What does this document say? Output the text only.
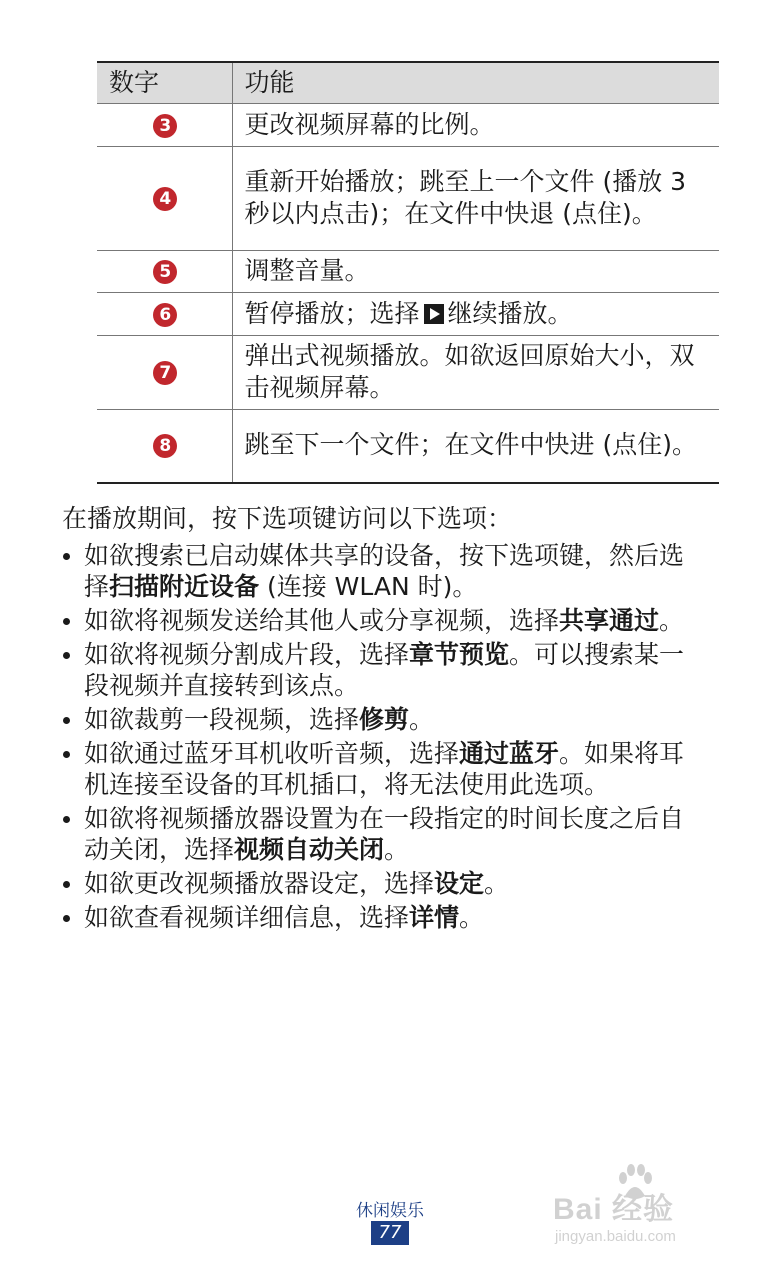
数字	功能
3	更改视频屏幕的比例。
4	重新开始播放；跳至上一个文件 (播放 3 秒以内点击)；在文件中快退 (点住)。
5	调整音量。
6	暂停播放；选择 继续播放。
7	弹出式视频播放。如欲返回原始大小，双击视频屏幕。
8	跳至下一个文件；在文件中快进 (点住)。

在播放期间，按下选项键访问以下选项：

如欲搜索已启动媒体共享的设备，按下选项键，然后选择扫描附近设备 (连接 WLAN 时)。
如欲将视频发送给其他人或分享视频，选择共享通过。
如欲将视频分割成片段，选择章节预览。可以搜索某一段视频并直接转到该点。
如欲裁剪一段视频，选择修剪。
如欲通过蓝牙耳机收听音频，选择通过蓝牙。如果将耳机连接至设备的耳机插口，将无法使用此选项。
如欲将视频播放器设置为在一段指定的时间长度之后自动关闭，选择视频自动关闭。
如欲更改视频播放器设定，选择设定。
如欲查看视频详细信息，选择详情。
休闲娱乐
77
Bai 经验
jingyan.baidu.com
